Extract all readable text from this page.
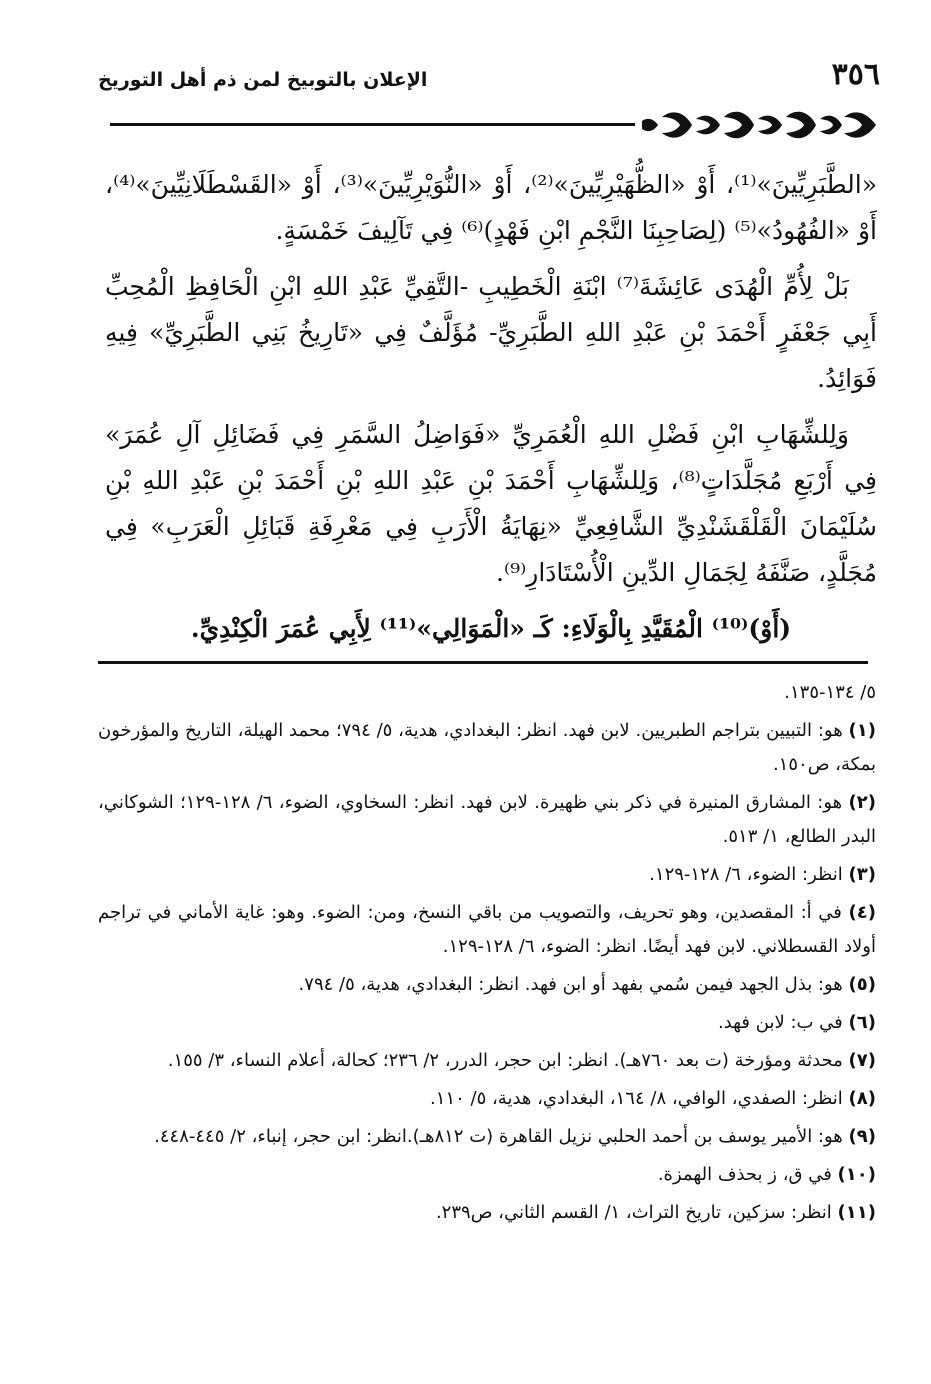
٣٥٦
الإعلان بالتوبيخ لمن ذم أهل التوريخ

«الطَّبَرِيِّينَ»⁽¹⁾، أَوْ «الظُّهَيْرِيِّينَ»⁽²⁾، أَوْ «النُّوَيْرِيِّينَ»⁽³⁾، أَوْ «القَسْطَلَانِيِّينَ»⁽⁴⁾، أَوْ «الفُهُودُ»⁽⁵⁾ (لِصَاحِبِنَا النَّجْمِ ابْنِ فَهْدٍ)⁽⁶⁾ فِي تَآلِيفَ خَمْسَةٍ.

بَلْ لِأُمِّ الْهُدَى عَائِشَةَ⁽⁷⁾ ابْنَةِ الْخَطِيبِ -التَّقِيِّ عَبْدِ اللهِ ابْنِ الْحَافِظِ الْمُحِبِّ أَبِي جَعْفَرٍ أَحْمَدَ بْنِ عَبْدِ اللهِ الطَّبَرِيِّ- مُؤَلَّفٌ فِي «تَارِيخُ بَنِي الطَّبَرِيِّ» فِيهِ فَوَائِدُ.

وَلِلشِّهَابِ ابْنِ فَضْلِ اللهِ الْعُمَرِيِّ «فَوَاضِلُ السَّمَرِ فِي فَضَائِلِ آلِ عُمَرَ» فِي أَرْبَعِ مُجَلَّدَاتٍ⁽⁸⁾، وَلِلشِّهَابِ أَحْمَدَ بْنِ عَبْدِ اللهِ بْنِ أَحْمَدَ بْنِ عَبْدِ اللهِ بْنِ سُلَيْمَانَ الْقَلْقَشَنْدِيِّ الشَّافِعِيِّ «نِهَايَةُ الْأَرَبِ فِي مَعْرِفَةِ قَبَائِلِ الْعَرَبِ» فِي مُجَلَّدٍ، صَنَّفَهُ لِجَمَالِ الدِّينِ الْأُسْتَادَارِ⁽⁹⁾.

(أَوْ)⁽¹⁰⁾ الْمُقَيَّدِ بِالْوَلَاءِ: كَـ «الْمَوَالِي»⁽¹¹⁾ لِأَبِي عُمَرَ الْكِنْدِيِّ.

٥/ ١٣٤-١٣٥.

(١) هو: التبيين بتراجم الطبريين. لابن فهد. انظر: البغدادي، هدية، ٥/ ٧٩٤؛ محمد الهيلة، التاريخ والمؤرخون بمكة، ص١٥٠.

(٢) هو: المشارق المنيرة في ذكر بني ظهيرة. لابن فهد. انظر: السخاوي، الضوء، ٦/ ١٢٨-١٢٩؛ الشوكاني، البدر الطالع، ١/ ٥١٣.

(٣) انظر: الضوء، ٦/ ١٢٨-١٢٩.

(٤) في أ: المقصدين، وهو تحريف، والتصويب من باقي النسخ، ومن: الضوء. وهو: غاية الأماني في تراجم أولاد القسطلاني. لابن فهد أيضًا. انظر: الضوء، ٦/ ١٢٨-١٢٩.

(٥) هو: بذل الجهد فيمن سُمي بفهد أو ابن فهد. انظر: البغدادي، هدية، ٥/ ٧٩٤.

(٦) في ب: لابن فهد.

(٧) محدثة ومؤرخة (ت بعد ٧٦٠هـ). انظر: ابن حجر، الدرر، ٢/ ٢٣٦؛ كحالة، أعلام النساء، ٣/ ١٥٥.

(٨) انظر: الصفدي، الوافي، ٨/ ١٦٤، البغدادي، هدية، ٥/ ١١٠.

(٩) هو: الأمير يوسف بن أحمد الحلبي نزيل القاهرة (ت ٨١٢هـ).انظر: ابن حجر، إنباء، ٢/ ٤٤٥-٤٤٨.

(١٠) في ق، ز بحذف الهمزة.

(١١) انظر: سزكين، تاريخ التراث، ١/ القسم الثاني، ص٢٣٩.
